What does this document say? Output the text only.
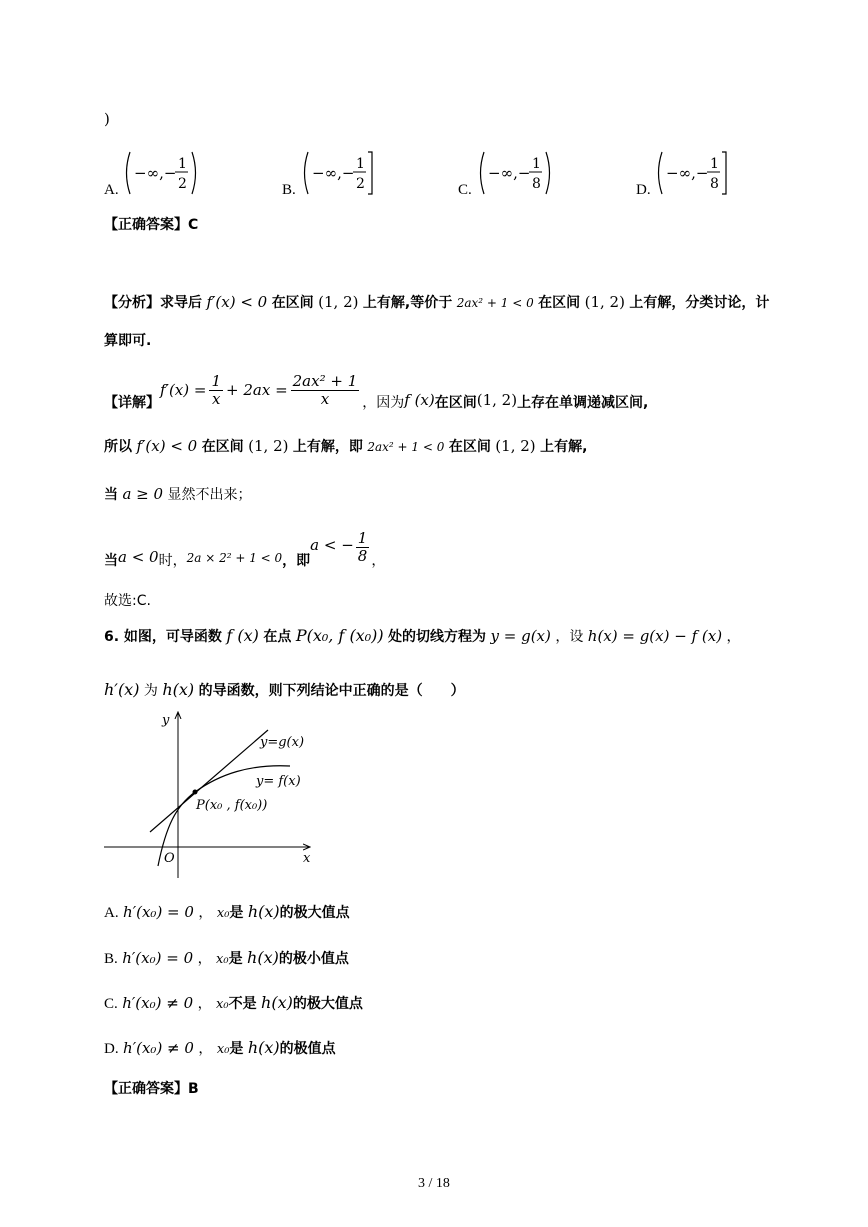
)
A.
−∞,− 1
2	B.
−∞,− 1
2	C.
−∞,− 1
8	D.
−∞,− 1
8
【正确答案】C
【分析】求导后 f′(x) < 0 在区间 (1, 2) 上有解,等价于 2ax² + 1 < 0 在区间 (1, 2) 上有解，分类讨论，计
算即可.
【详解】
$f'(x) = \frac{1}{x} + 2ax = \frac{\text{2ax² + 1}}{x}$ ，因为 f (x) 在区间 (1, 2) 上存在单调递减区间,
所以 f′(x) < 0 在区间 (1, 2) 上有解，即 2ax² + 1 < 0 在区间 (1, 2) 上有解,
当 a ≥ 0 显然不出来；
当 a < 0 时， 2a × 2² + 1 < 0 ，即
a < − $\frac{1}{8}$ ，
故选:C.
6. 如图，可导函数 f (x) 在点 P(x₀, f (x₀)) 处的切线方程为 y = g(x) ，设 h(x) = g(x) − f (x) ，
h′(x) 为 h(x) 的导函数，则下列结论中正确的是（　　）
y
x
O
y=g(x)
y= f(x)
P(x₀ , f(x₀))
A. h′(x₀) = 0 ， x₀是 h(x)的极大值点
B. h′(x₀) = 0 ， x₀是 h(x)的极小值点
C. h′(x₀) ≠ 0 ， x₀不是 h(x)的极大值点
D. h′(x₀) ≠ 0 ， x₀是 h(x)的极值点
【正确答案】B
3 / 18
